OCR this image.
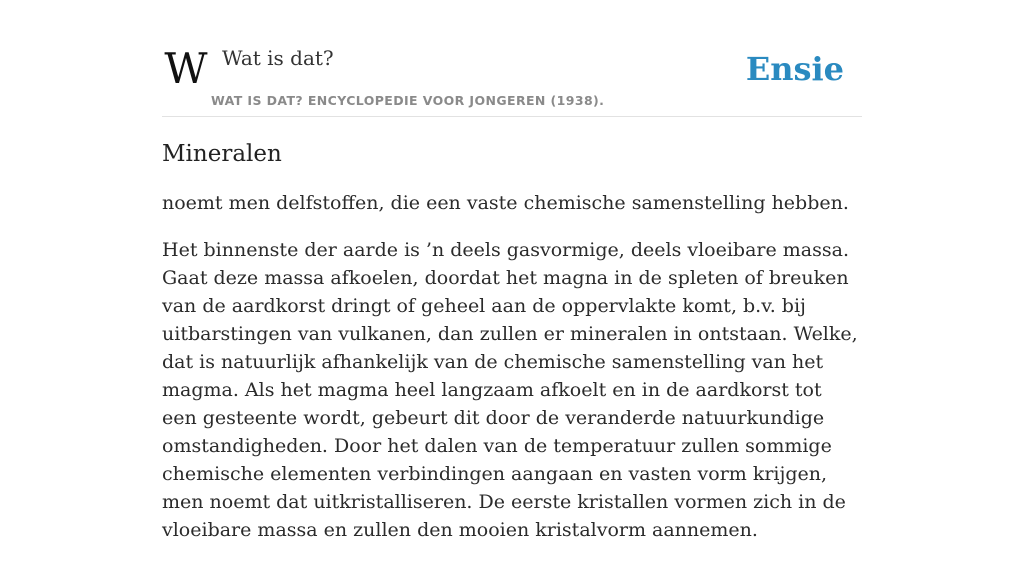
W Wat is dat?
WAT IS DAT? ENCYCLOPEDIE VOOR JONGEREN (1938).
Ensie
Mineralen

noemt men delfstoffen, die een vaste chemische samenstelling hebben.

Het binnenste der aarde is ’n deels gasvormige, deels vloeibare massa. Gaat deze massa afkoelen, doordat het magna in de spleten of breuken van de aardkorst dringt of geheel aan de oppervlakte komt, b.v. bij uitbarstingen van vulkanen, dan zullen er mineralen in ontstaan. Welke, dat is natuurlijk afhankelijk van de chemische samenstelling van het magma. Als het magma heel langzaam afkoelt en in de aardkorst tot een gesteente wordt, gebeurt dit door de veranderde natuurkundige omstandigheden. Door het dalen van de temperatuur zullen sommige chemische elementen verbindingen aangaan en vasten vorm krijgen, men noemt dat uitkristalliseren. De eerste kristallen vormen zich in de vloeibare massa en zullen den mooien kristalvorm aannemen.
